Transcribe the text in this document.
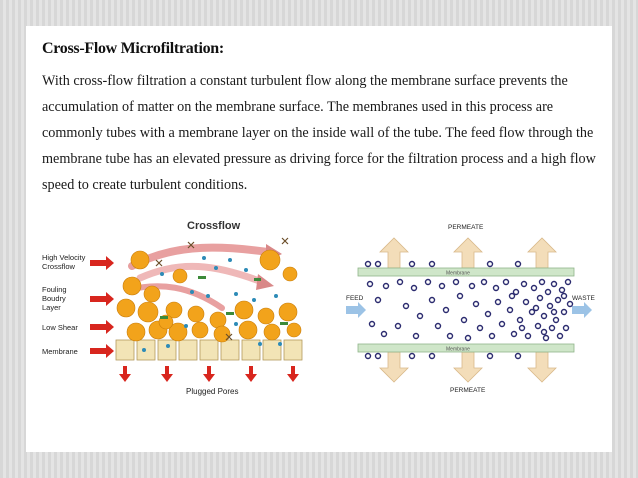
Cross-Flow Microfiltration:

With cross-flow filtration a constant turbulent flow along the membrane surface prevents the accumulation of matter on the membrane surface. The membranes used in this process are commonly tubes with a membrane layer on the inside wall of the tube. The feed flow through the membrane tube has an elevated pressure as driving force for the filtration process and a high flow speed to create turbulent conditions.

Crossflow
High Velocity
Crossflow
Fouling
Boudry
Layer
Low Shear
Membrane
Plugged Pores
PERMEATE
PERMEATE
FEED	WASTE
Membrane
Membrane
